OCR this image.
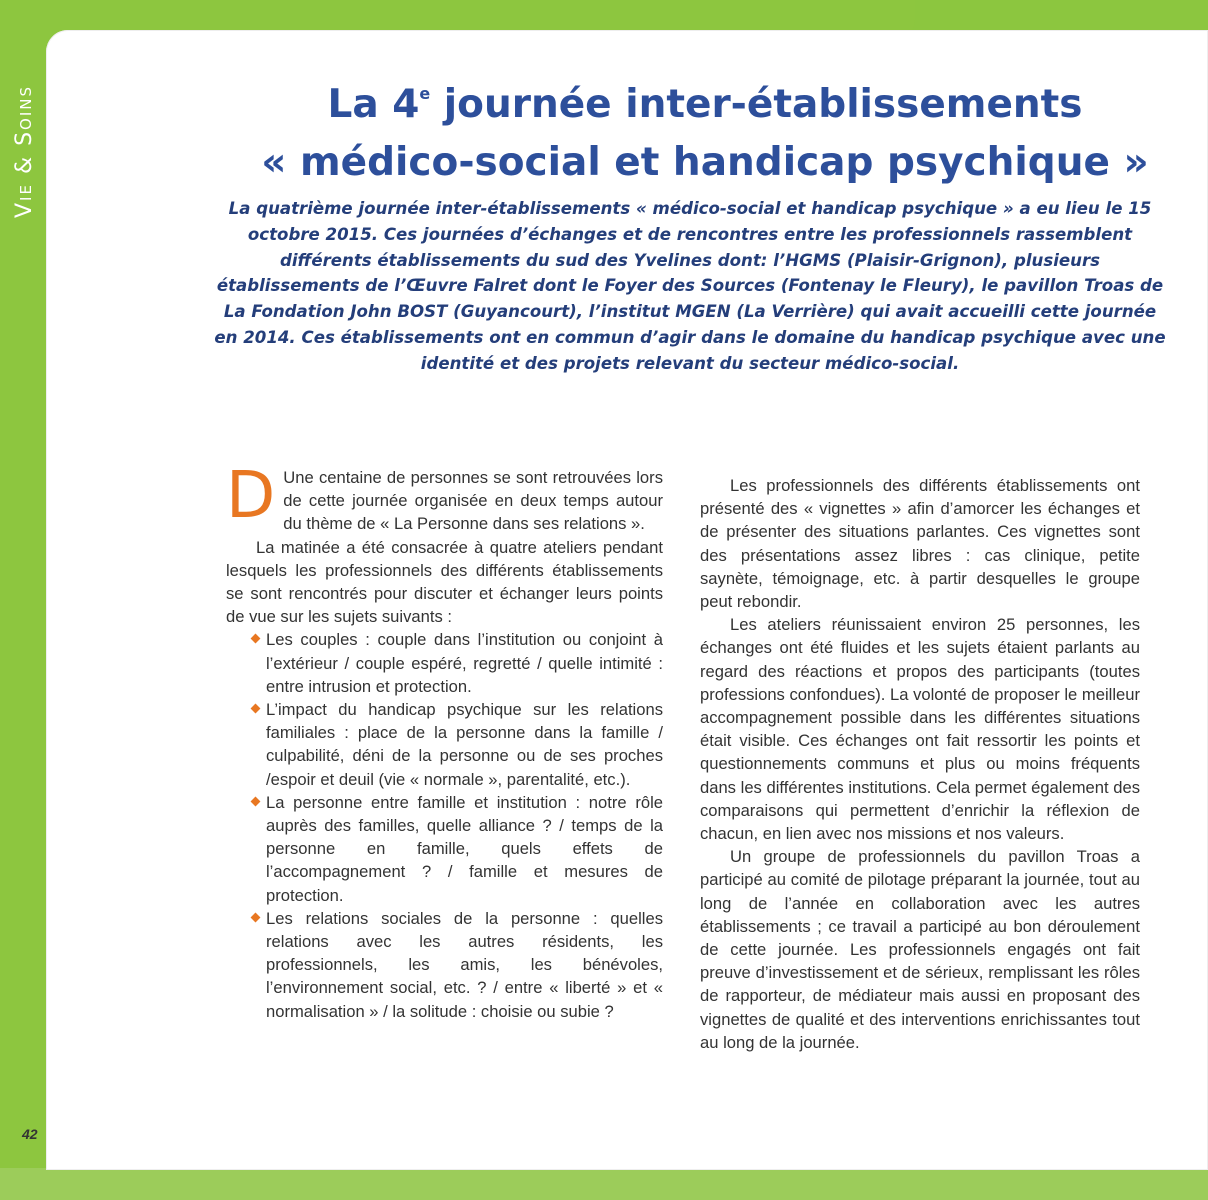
Vie & Soins	La 4e journée inter-établissements
« médico-social et handicap psychique »
La quatrième journée inter-établissements « médico-social et handicap psychique » a eu lieu le 15 octobre 2015. Ces journées d’échanges et de rencontres entre les professionnels rassemblent différents établissements du sud des Yvelines dont: l’HGMS (Plaisir-Grignon), plusieurs établissements de l’Œuvre Falret dont le Foyer des Sources (Fontenay le Fleury), le pavillon Troas de La Fondation John BOST (Guyancourt), l’institut MGEN (La Verrière) qui avait accueilli cette journée en 2014. Ces établissements ont en commun d’agir dans le domaine du handicap psychique avec une identité et des projets relevant du secteur médico-social.

D Une centaine de personnes se sont retrouvées lors de cette journée organisée en deux temps autour du thème de « La Personne dans ses relations ».

La matinée a été consacrée à quatre ateliers pendant lesquels les professionnels des différents établissements se sont rencontrés pour discuter et échanger leurs points de vue sur les sujets suivants :

Les couples : couple dans l’institution ou conjoint à l’extérieur / couple espéré, regretté / quelle intimité : entre intrusion et protection.
L’impact du handicap psychique sur les relations familiales : place de la personne dans la famille / culpabilité, déni de la personne ou de ses proches /espoir et deuil (vie « normale », parentalité, etc.).
La personne entre famille et institution : notre rôle auprès des familles, quelle alliance ? / temps de la personne en famille, quels effets de l’accompagnement ? / famille et mesures de protection.
Les relations sociales de la personne : quelles relations avec les autres résidents, les professionnels, les amis, les bénévoles, l’environnement social, etc. ? / entre « liberté » et « normalisation » / la solitude : choisie ou subie ?

Les professionnels des différents établissements ont présenté des « vignettes » afin d’amorcer les échanges et de présenter des situations parlantes. Ces vignettes sont des présentations assez libres : cas clinique, petite saynète, témoignage, etc. à partir desquelles le groupe peut rebondir.

Les ateliers réunissaient environ 25 personnes, les échanges ont été fluides et les sujets étaient parlants au regard des réactions et propos des participants (toutes professions confondues). La volonté de proposer le meilleur accompagnement possible dans les différentes situations était visible. Ces échanges ont fait ressortir les points et questionnements communs et plus ou moins fréquents dans les différentes institutions. Cela permet également des comparaisons qui permettent d’enrichir la réflexion de chacun, en lien avec nos missions et nos valeurs.

Un groupe de professionnels du pavillon Troas a participé au comité de pilotage préparant la journée, tout au long de l’année en collaboration avec les autres établissements ; ce travail a participé au bon déroulement de cette journée. Les professionnels engagés ont fait preuve d’investissement et de sérieux, remplissant les rôles de rapporteur, de médiateur mais aussi en proposant des vignettes de qualité et des interventions enrichissantes tout au long de la journée.

42
